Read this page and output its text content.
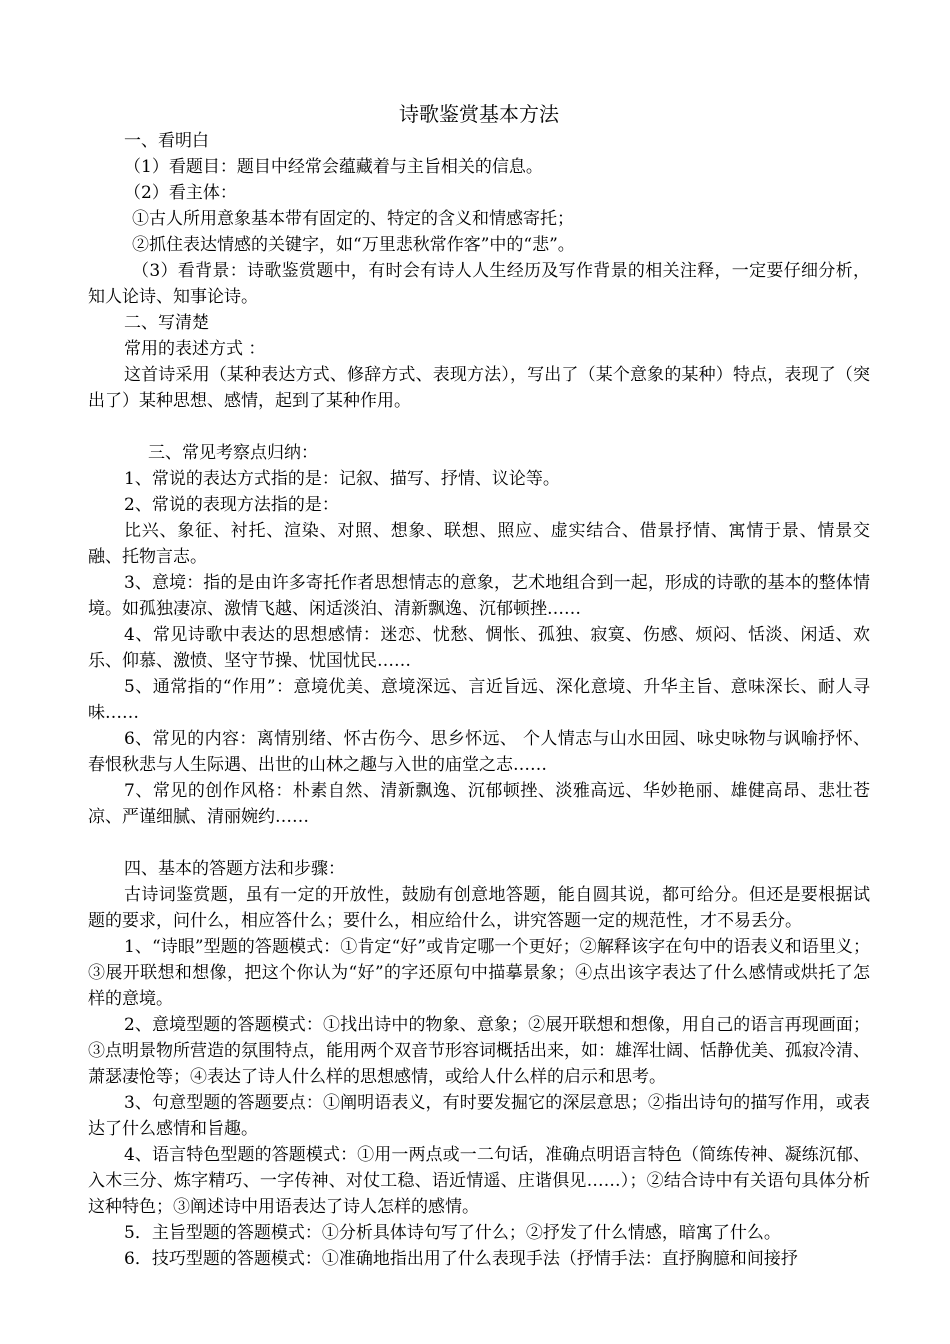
诗歌鉴赏基本方法

一、看明白

（1）看题目：题目中经常会蕴藏着与主旨相关的信息。

（2）看主体：

①古人所用意象基本带有固定的、特定的含义和情感寄托；

②抓住表达情感的关键字，如“万里悲秋常作客”中的“悲”。

（3）看背景：诗歌鉴赏题中，有时会有诗人人生经历及写作背景的相关注释，一定要仔细分析，知人论诗、知事论诗。

二、写清楚

常用的表述方式 ：

这首诗采用（某种表达方式、修辞方式、表现方法），写出了（某个意象的某种）特点，表现了（突出了）某种思想、感情，起到了某种作用。

三、常见考察点归纳：

1、常说的表达方式指的是：记叙、描写、抒情、议论等。

2、常说的表现方法指的是：

比兴、象征、衬托、渲染、对照、想象、联想、照应、虚实结合、借景抒情、寓情于景、情景交融、托物言志。

3、意境：指的是由许多寄托作者思想情志的意象，艺术地组合到一起，形成的诗歌的基本的整体情境。如孤独凄凉、激情飞越、闲适淡泊、清新飘逸、沉郁顿挫……

4、常见诗歌中表达的思想感情：迷恋、忧愁、惆怅、孤独、寂寞、伤感、烦闷、恬淡、闲适、欢乐、仰慕、激愤、坚守节操、忧国忧民……

5、通常指的“作用”：意境优美、意境深远、言近旨远、深化意境、升华主旨、意味深长、耐人寻味……

6、常见的内容：离情别绪、怀古伤今、思乡怀远、 个人情志与山水田园、咏史咏物与讽喻抒怀、春恨秋悲与人生际遇、出世的山林之趣与入世的庙堂之志……

7、常见的创作风格：朴素自然、清新飘逸、沉郁顿挫、淡雅高远、华妙艳丽、雄健高昂、悲壮苍凉、严谨细腻、清丽婉约……

四、基本的答题方法和步骤：

古诗词鉴赏题，虽有一定的开放性，鼓励有创意地答题，能自圆其说，都可给分。但还是要根据试题的要求，问什么，相应答什么；要什么，相应给什么，讲究答题一定的规范性，才不易丢分。

1、“诗眼”型题的答题模式：①肯定“好”或肯定哪一个更好；②解释该字在句中的语表义和语里义；③展开联想和想像，把这个你认为“好”的字还原句中描摹景象；④点出该字表达了什么感情或烘托了怎样的意境。

2、意境型题的答题模式：①找出诗中的物象、意象；②展开联想和想像，用自己的语言再现画面；③点明景物所营造的氛围特点，能用两个双音节形容词概括出来，如：雄浑壮阔、恬静优美、孤寂冷清、萧瑟凄怆等；④表达了诗人什么样的思想感情，或给人什么样的启示和思考。

3、句意型题的答题要点：①阐明语表义，有时要发掘它的深层意思；②指出诗句的描写作用，或表达了什么感情和旨趣。

4、语言特色型题的答题模式：①用一两点或一二句话，准确点明语言特色（简练传神、凝练沉郁、入木三分、炼字精巧、一字传神、对仗工稳、语近情遥、庄谐俱见……）；②结合诗中有关语句具体分析这种特色；③阐述诗中用语表达了诗人怎样的感情。

5．主旨型题的答题模式：①分析具体诗句写了什么；②抒发了什么情感，暗寓了什么。

6．技巧型题的答题模式：①准确地指出用了什么表现手法（抒情手法：直抒胸臆和间接抒
